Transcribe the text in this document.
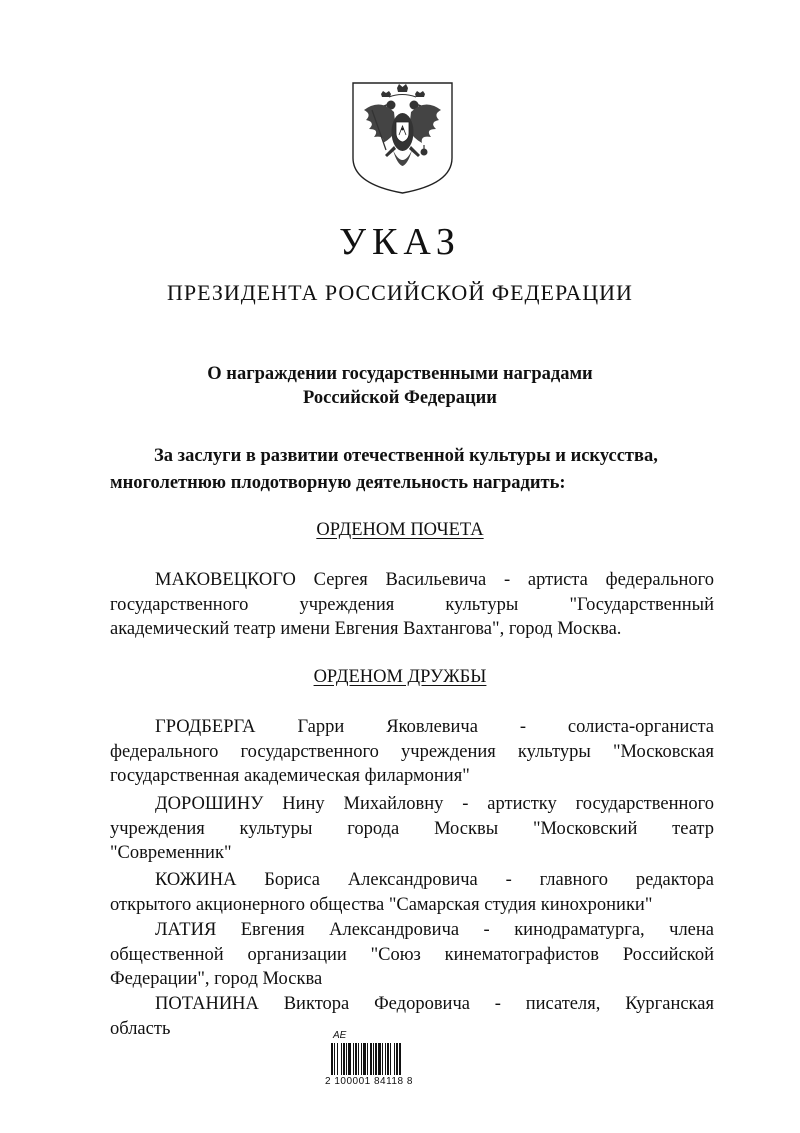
УКАЗ
ПРЕЗИДЕНТА РОССИЙСКОЙ ФЕДЕРАЦИИ
О награждении государственными наградами
Российской Федерации
За заслуги в развитии отечественной культуры и искусства,
многолетнюю плодотворную деятельность наградить:
ОРДЕНОМ ПОЧЕТА
МАКОВЕЦКОГО Сергея Васильевича - артиста федерального
государственного учреждения культуры "Государственный
академический театр имени Евгения Вахтангова", город Москва.
ОРДЕНОМ ДРУЖБЫ
ГРОДБЕРГА Гарри Яковлевича - солиста-органиста
федерального государственного учреждения культуры "Московская
государственная академическая филармония"
ДОРОШИНУ Нину Михайловну - артистку государственного
учреждения культуры города Москвы "Московский театр
"Современник"
КОЖИНА Бориса Александровича - главного редактора
открытого акционерного общества "Самарская студия кинохроники"
ЛАТИЯ Евгения Александровича - кинодраматурга, члена
общественной организации "Союз кинематографистов Российской
Федерации", город Москва
ПОТАНИНА Виктора Федоровича - писателя, Курганская
область	АЕ
2 100001 84118 8
